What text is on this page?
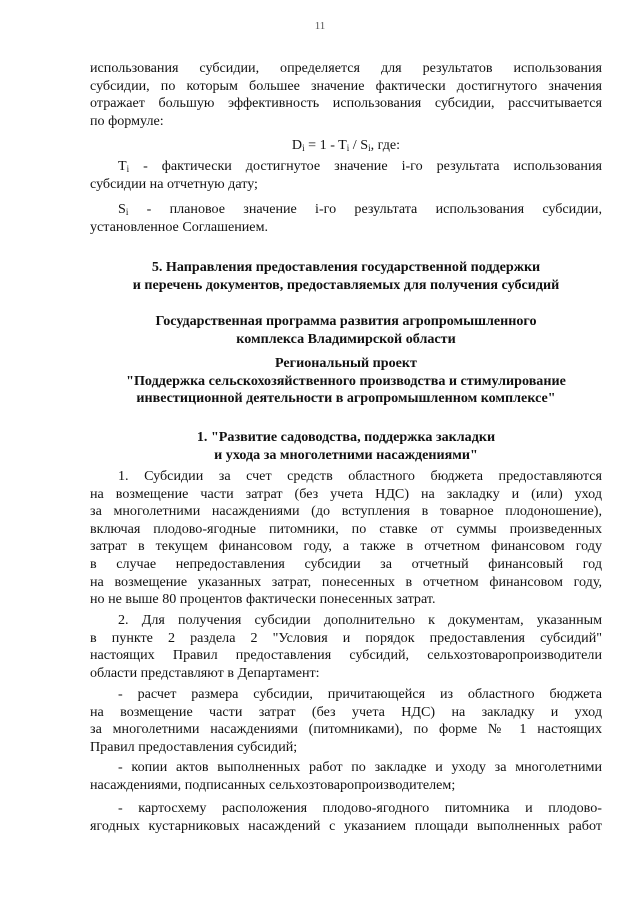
11
использования субсидии, определяется для результатов использования
субсидии, по которым большее значение фактически достигнутого значения
отражает большую эффективность использования субсидии, рассчитывается
по формуле:
$D_i = 1 - T_i / S_i$, где:
$T_i$ - фактически достигнутое значение i-го результата использования
субсидии на отчетную дату;
$S_i$ - плановое значение i-го результата использования субсидии,
установленное Соглашением.
5. Направления предоставления государственной поддержки
и перечень документов, предоставляемых для получения субсидий
Государственная программа развития агропромышленного
комплекса Владимирской области
Региональный проект
"Поддержка сельскохозяйственного производства и стимулирование
инвестиционной деятельности в агропромышленном комплексе"
1. "Развитие садоводства, поддержка закладки
и ухода за многолетними насаждениями"
1. Субсидии за счет средств областного бюджета предоставляются
на возмещение части затрат (без учета НДС) на закладку и (или) уход
за многолетними насаждениями (до вступления в товарное плодоношение),
включая плодово-ягодные питомники, по ставке от суммы произведенных
затрат в текущем финансовом году, а также в отчетном финансовом году
в случае непредоставления субсидии за отчетный финансовый год
на возмещение указанных затрат, понесенных в отчетном финансовом году,
но не выше 80 процентов фактически понесенных затрат.
2. Для получения субсидии дополнительно к документам, указанным
в пункте 2 раздела 2 "Условия и порядок предоставления субсидий"
настоящих Правил предоставления субсидий, сельхозтоваропроизводители
области представляют в Департамент:
- расчет размера субсидии, причитающейся из областного бюджета
на возмещение части затрат (без учета НДС) на закладку и уход
за многолетними насаждениями (питомниками), по форме № 1 настоящих
Правил предоставления субсидий;
- копии актов выполненных работ по закладке и уходу за многолетними
насаждениями, подписанных сельхозтоваропроизводителем;
- картосхему расположения плодово-ягодного питомника и плодово-
ягодных кустарниковых насаждений с указанием площади выполненных работ
